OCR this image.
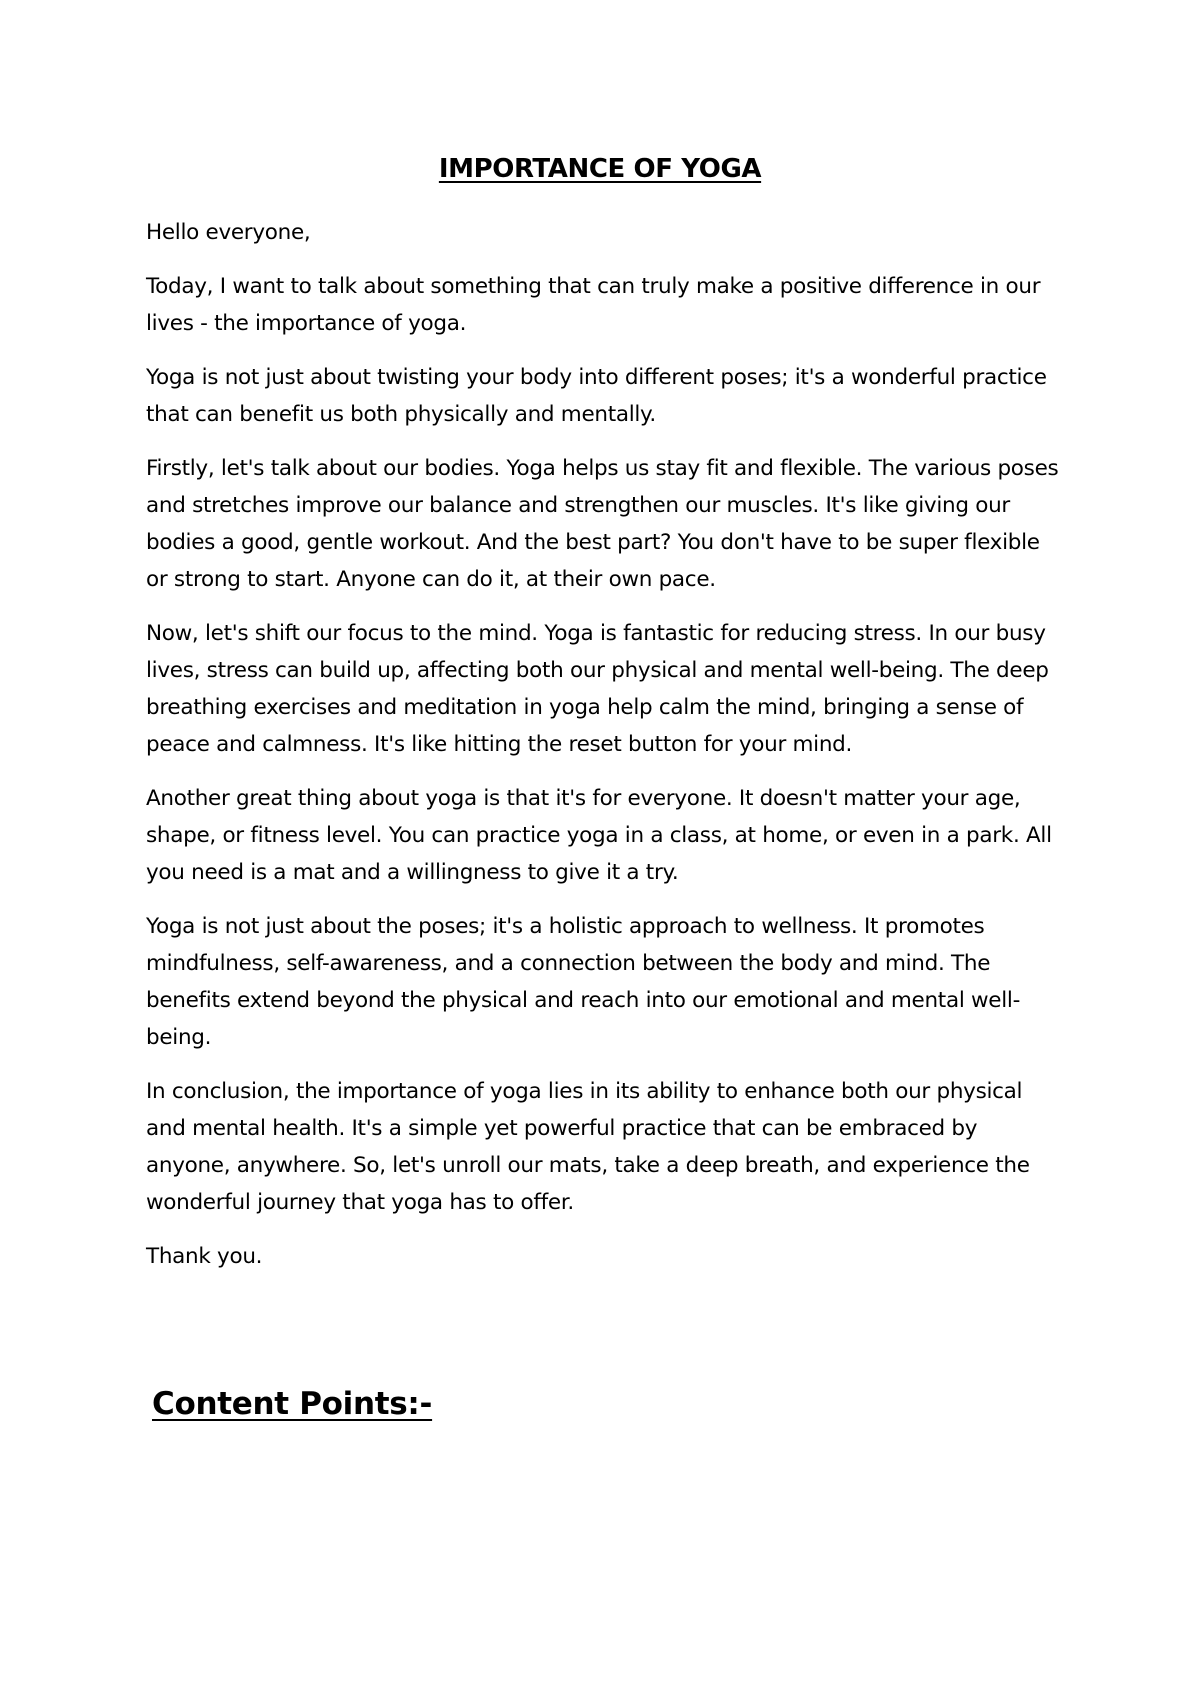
IMPORTANCE OF YOGA

Hello everyone,

Today, I want to talk about something that can truly make a positive difference in our lives - the importance of yoga.

Yoga is not just about twisting your body into different poses; it's a wonderful practice that can benefit us both physically and mentally.

Firstly, let's talk about our bodies. Yoga helps us stay fit and flexible. The various poses and stretches improve our balance and strengthen our muscles. It's like giving our bodies a good, gentle workout. And the best part? You don't have to be super flexible or strong to start. Anyone can do it, at their own pace.

Now, let's shift our focus to the mind. Yoga is fantastic for reducing stress. In our busy lives, stress can build up, affecting both our physical and mental well-being. The deep breathing exercises and meditation in yoga help calm the mind, bringing a sense of peace and calmness. It's like hitting the reset button for your mind.

Another great thing about yoga is that it's for everyone. It doesn't matter your age, shape, or fitness level. You can practice yoga in a class, at home, or even in a park. All you need is a mat and a willingness to give it a try.

Yoga is not just about the poses; it's a holistic approach to wellness. It promotes mindfulness, self-awareness, and a connection between the body and mind. The benefits extend beyond the physical and reach into our emotional and mental well-being.

In conclusion, the importance of yoga lies in its ability to enhance both our physical and mental health. It's a simple yet powerful practice that can be embraced by anyone, anywhere. So, let's unroll our mats, take a deep breath, and experience the wonderful journey that yoga has to offer.

Thank you.

Content Points:-
